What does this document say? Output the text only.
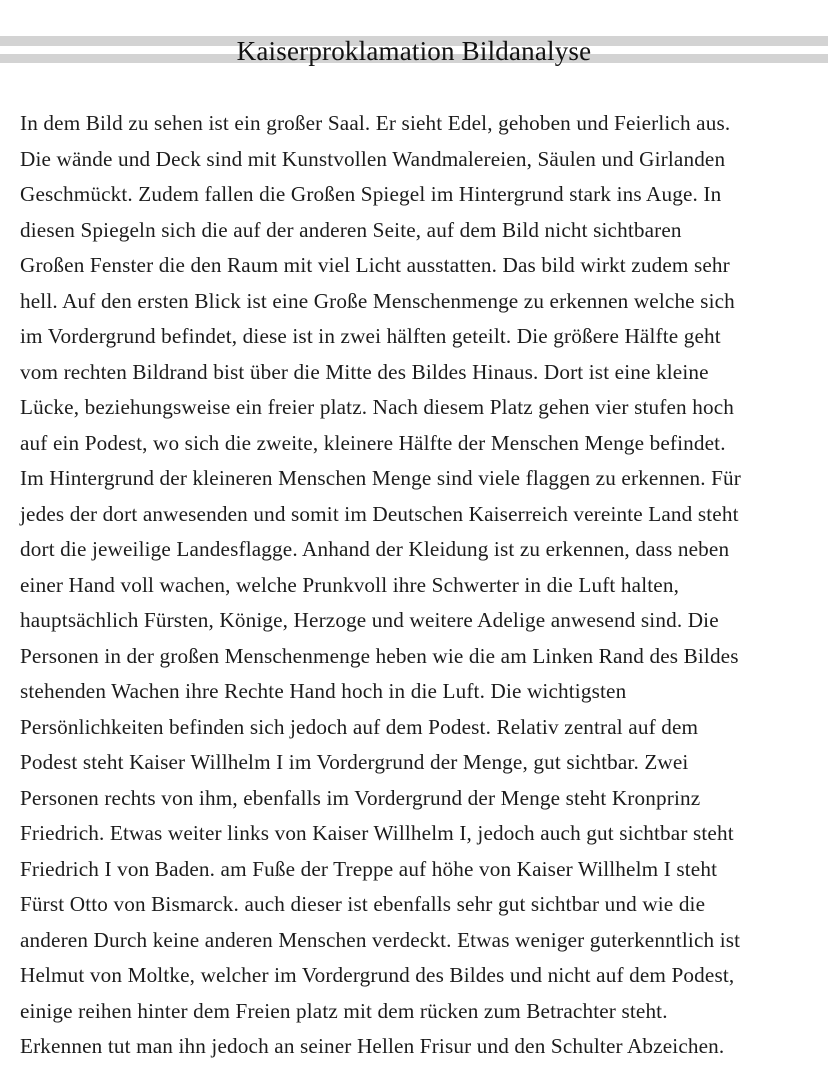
Kaiserproklamation Bildanalyse
In dem Bild zu sehen ist ein großer Saal. Er sieht Edel, gehoben und Feierlich aus.
Die wände und Deck sind mit Kunstvollen Wandmalereien, Säulen und Girlanden
Geschmückt. Zudem fallen die Großen Spiegel im Hintergrund stark ins Auge. In
diesen Spiegeln sich die auf der anderen Seite, auf dem Bild nicht sichtbaren
Großen Fenster die den Raum mit viel Licht ausstatten. Das bild wirkt zudem sehr
hell. Auf den ersten Blick ist eine Große Menschenmenge zu erkennen welche sich
im Vordergrund befindet, diese ist in zwei hälften geteilt. Die größere Hälfte geht
vom rechten Bildrand bist über die Mitte des Bildes Hinaus. Dort ist eine kleine
Lücke, beziehungsweise ein freier platz. Nach diesem Platz gehen vier stufen hoch
auf ein Podest, wo sich die zweite, kleinere Hälfte der Menschen Menge befindet.
Im Hintergrund der kleineren Menschen Menge sind viele flaggen zu erkennen. Für
jedes der dort anwesenden und somit im Deutschen Kaiserreich vereinte Land steht
dort die jeweilige Landesflagge. Anhand der Kleidung ist zu erkennen, dass neben
einer Hand voll wachen, welche Prunkvoll ihre Schwerter in die Luft halten,
hauptsächlich Fürsten, Könige, Herzoge und weitere Adelige anwesend sind. Die
Personen in der großen Menschenmenge heben wie die am Linken Rand des Bildes
stehenden Wachen ihre Rechte Hand hoch in die Luft. Die wichtigsten
Persönlichkeiten befinden sich jedoch auf dem Podest. Relativ zentral auf dem
Podest steht Kaiser Willhelm I im Vordergrund der Menge, gut sichtbar. Zwei
Personen rechts von ihm, ebenfalls im Vordergrund der Menge steht Kronprinz
Friedrich. Etwas weiter links von Kaiser Willhelm I, jedoch auch gut sichtbar steht
Friedrich I von Baden. am Fuße der Treppe auf höhe von Kaiser Willhelm I steht
Fürst Otto von Bismarck. auch dieser ist ebenfalls sehr gut sichtbar und wie die
anderen Durch keine anderen Menschen verdeckt. Etwas weniger guterkenntlich ist
Helmut von Moltke, welcher im Vordergrund des Bildes und nicht auf dem Podest,
einige reihen hinter dem Freien platz mit dem rücken zum Betrachter steht.
Erkennen tut man ihn jedoch an seiner Hellen Frisur und den Schulter Abzeichen.
